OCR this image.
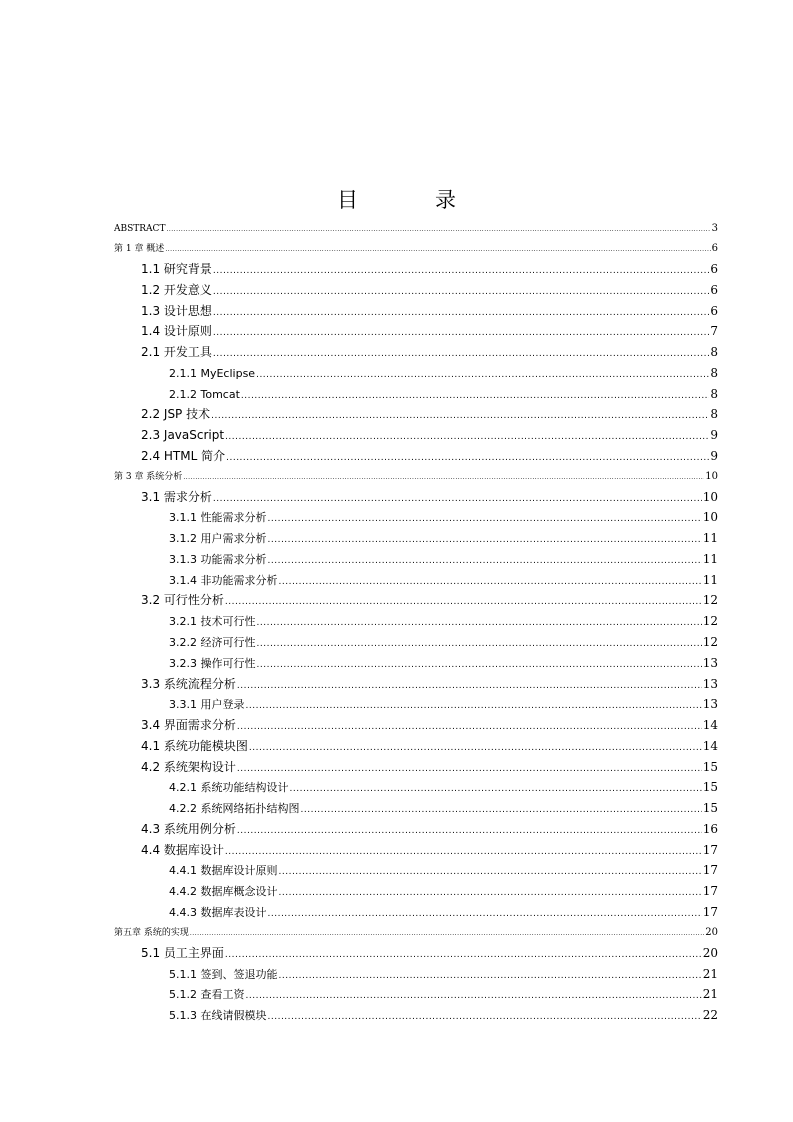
目　录
ABSTRACT .....	3
第 1 章 概述 .....	6
1.1 研究背景 .....	6
1.2 开发意义 .....	6
1.3 设计思想 .....	6
1.4 设计原则 .....	7
2.1 开发工具 .....	8
2.1.1 MyEclipse .....	8
2.1.2 Tomcat .....	8
2.2 JSP 技术 .....	8
2.3 JavaScript .....	9
2.4 HTML 简介 .....	9
第 3 章 系统分析 .....	10
3.1 需求分析 .....	10
3.1.1 性能需求分析 .....	10
3.1.2 用户需求分析 .....	11
3.1.3 功能需求分析 .....	11
3.1.4 非功能需求分析 .....	11
3.2 可行性分析 .....	12
3.2.1 技术可行性 .....	12
3.2.2 经济可行性 .....	12
3.2.3 操作可行性 .....	13
3.3 系统流程分析 .....	13
3.3.1 用户登录 .....	13
3.4 界面需求分析 .....	14
4.1 系统功能模块图 .....	14
4.2 系统架构设计 .....	15
4.2.1 系统功能结构设计 .....	15
4.2.2 系统网络拓扑结构图 .....	15
4.3 系统用例分析 .....	16
4.4 数据库设计 .....	17
4.4.1 数据库设计原则 .....	17
4.4.2 数据库概念设计 .....	17
4.4.3 数据库表设计 .....	17
第五章 系统的实现 .....	20
5.1 员工主界面 .....	20
5.1.1 签到、签退功能 .....	21
5.1.2 查看工资 .....	21
5.1.3 在线请假模块 .....	22
